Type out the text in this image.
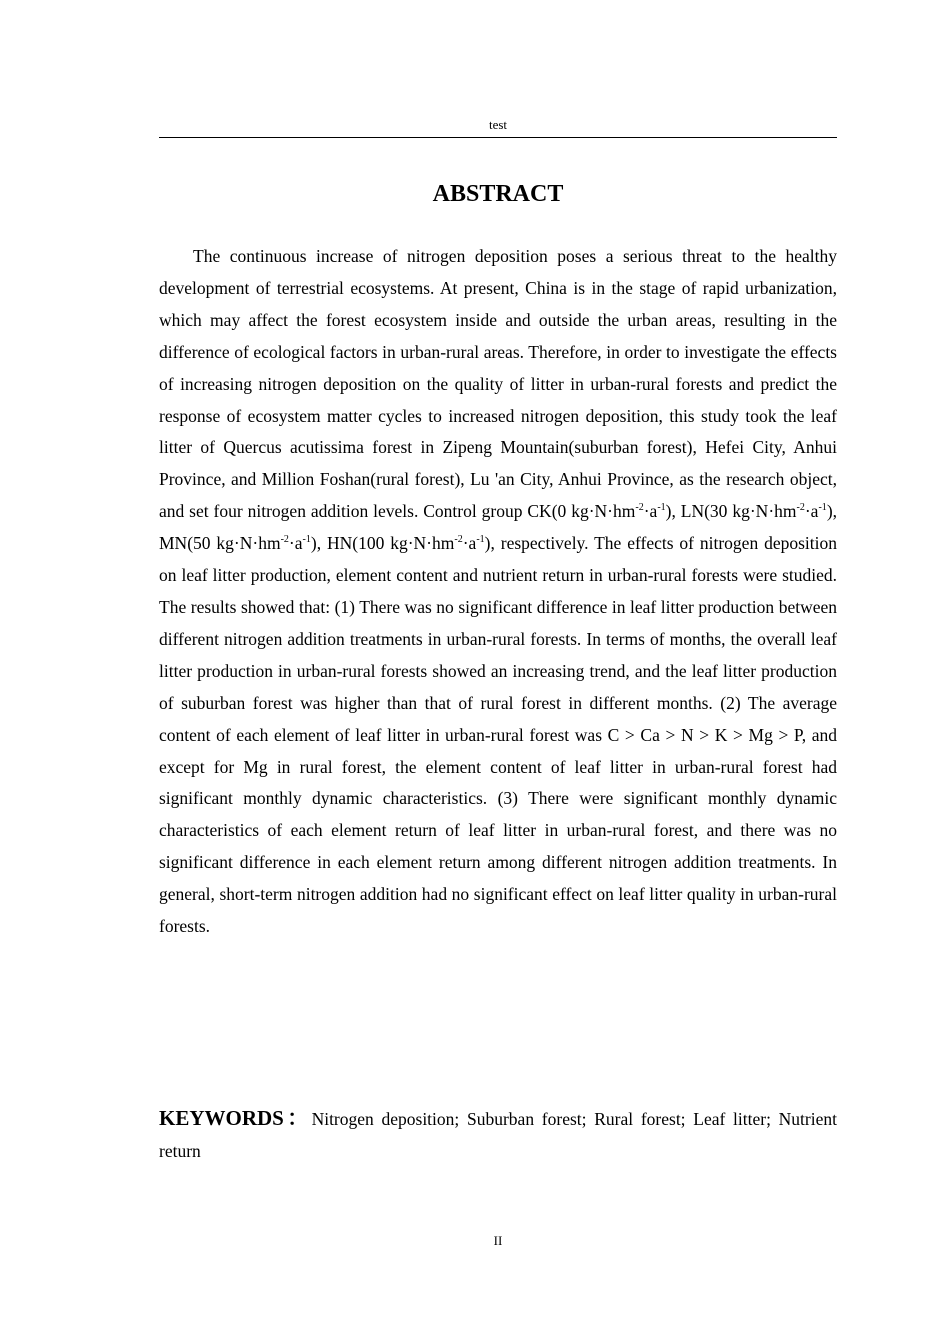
test
ABSTRACT

The continuous increase of nitrogen deposition poses a serious threat to the healthy development of terrestrial ecosystems. At present, China is in the stage of rapid urbanization, which may affect the forest ecosystem inside and outside the urban areas, resulting in the difference of ecological factors in urban-rural areas. Therefore, in order to investigate the effects of increasing nitrogen deposition on the quality of litter in urban-rural forests and predict the response of ecosystem matter cycles to increased nitrogen deposition, this study took the leaf litter of Quercus acutissima forest in Zipeng Mountain(suburban forest), Hefei City, Anhui Province, and Million Foshan(rural forest), Lu 'an City, Anhui Province, as the research object, and set four nitrogen addition levels. Control group CK(0 $kg\cdot N\cdot hm^{-2}\cdot a^{-1}$), LN(30 $kg\cdot N\cdot hm^{-2}\cdot a^{-1}$), MN(50 $kg\cdot N\cdot hm^{-2}\cdot a^{-1}$), HN(100 $kg\cdot N\cdot hm^{-2}\cdot a^{-1}$), respectively. The effects of nitrogen deposition on leaf litter production, element content and nutrient return in urban-rural forests were studied. The results showed that: (1) There was no significant difference in leaf litter production between different nitrogen addition treatments in urban-rural forests. In terms of months, the overall leaf litter production in urban-rural forests showed an increasing trend, and the leaf litter production of suburban forest was higher than that of rural forest in different months. (2) The average content of each element of leaf litter in urban-rural forest was C > Ca > N > K > Mg > P, and except for Mg in rural forest, the element content of leaf litter in urban-rural forest had significant monthly dynamic characteristics. (3) There were significant monthly dynamic characteristics of each element return of leaf litter in urban-rural forest, and there was no significant difference in each element return among different nitrogen addition treatments. In general, short-term nitrogen addition had no significant effect on leaf litter quality in urban-rural forests.

KEYWORDS：Nitrogen deposition; Suburban forest; Rural forest; Leaf litter; Nutrient return

II
